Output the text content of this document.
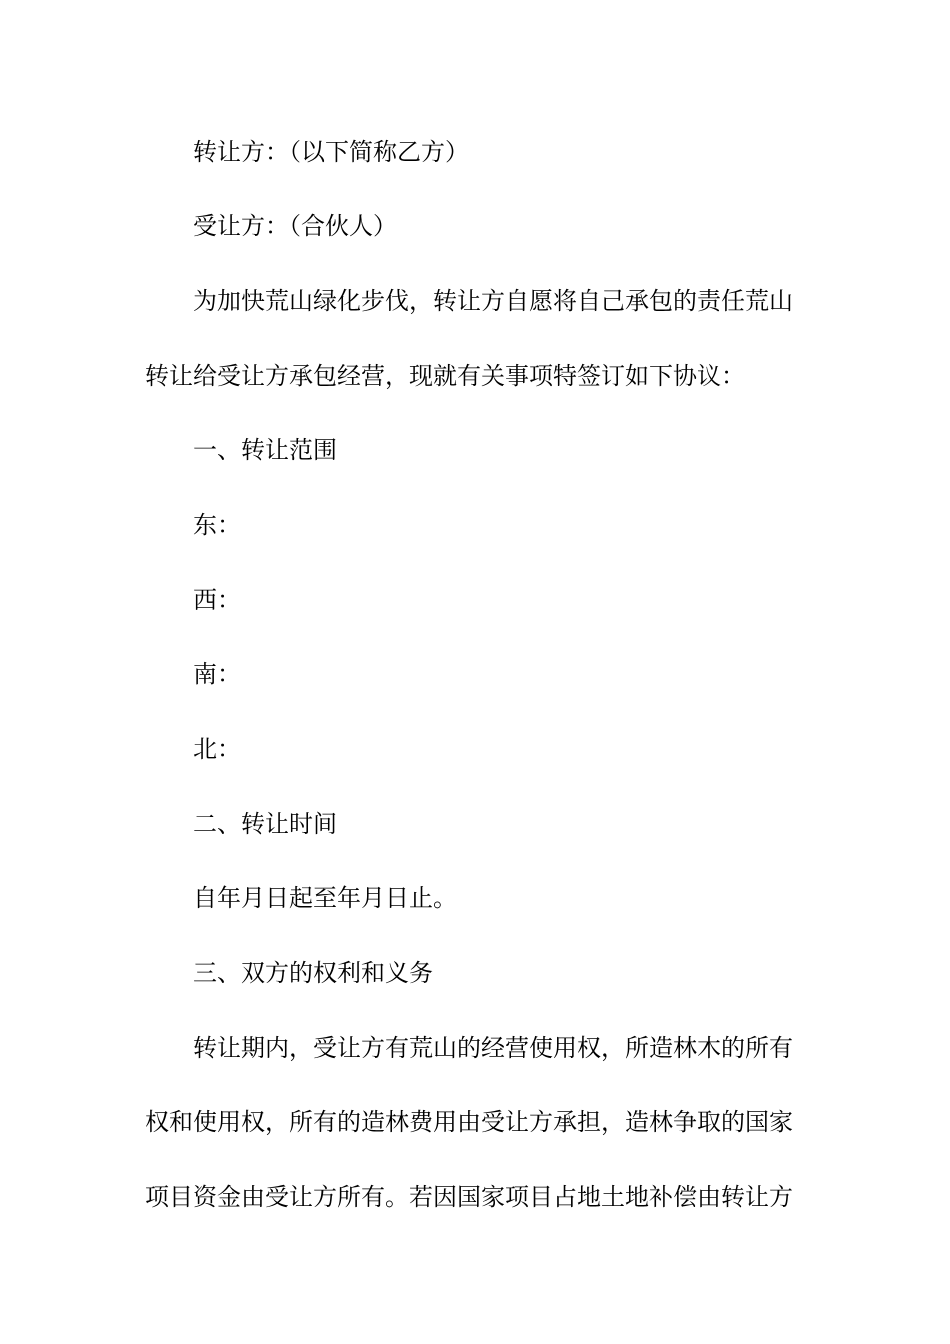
转让方：（以下简称乙方）
受让方：（合伙人）
为加快荒山绿化步伐，转让方自愿将自己承包的责任荒山
转让给受让方承包经营，现就有关事项特签订如下协议：
一、转让范围
东：
西：
南：
北：
二、转让时间
自年月日起至年月日止。
三、双方的权利和义务
转让期内，受让方有荒山的经营使用权，所造林木的所有
权和使用权，所有的造林费用由受让方承担，造林争取的国家
项目资金由受让方所有。若因国家项目占地土地补偿由转让方
